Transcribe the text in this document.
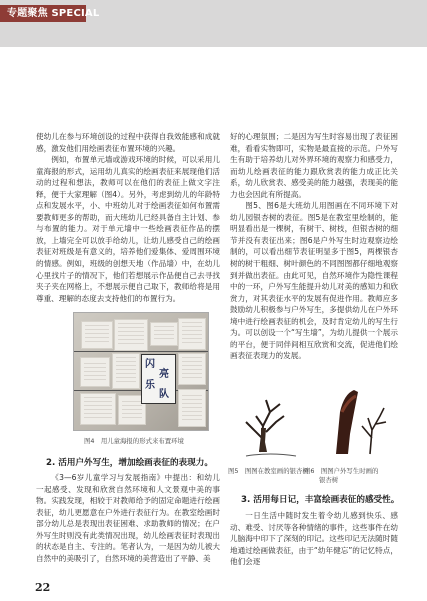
专题聚焦 SPECIAL

使幼儿在参与环境创设的过程中获得自我效能感和成就感，激发他们用绘画表征布置环境的兴趣。

例如，布置单元墙或游戏环境的时候，可以采用儿童海报的形式，运用幼儿真实的绘画表征来展现他们活动的过程和想法，教师可以在他们的表征上做文字注释，便于大家理解（图4）。另外，考虑到幼儿的年龄特点和发展水平，小、中班幼儿对于绘画表征如何布置需要教师更多的帮助，而大班幼儿已经具备自主计划、参与布置的能力。对于单元墙中一些绘画表征作品的摆放，上墙完全可以放手给幼儿，让幼儿感受自己的绘画表征对班级是有意义的，培养他们爱集体、爱周围环境的情感。例如，班级的创想天地（作品墙）中，在幼儿心里找片子的情况下，他们若想展示作品便自己去寻找夹子夹在网格上，不想展示便自己取下，教师给将是用尊重、理解的态度去支持他们的布置行为。

闪
亮
乐
队
图4　用儿童海报的形式来布置环境
2. 活用户外写生，增加绘画表征的表现力。

《3—6岁儿童学习与发展指南》中提出：和幼儿一起感受、发现和欣赏自然环境和人文景观中美的事物。实践发现，相较于对教师给予的固定命题进行绘画表征，幼儿更愿意在户外进行表征行为。在教室绘画时部分幼儿总是表现出表征困难、求助教师的情况；在户外写生时则没有此类情况出现，幼儿绘画表征时表现出的状态是自主、专注的。笔者认为，一是因为幼儿被大自然中的美吸引了，自然环境的美营造出了平静、美

好的心理氛围；二是因为写生时容易出现了表征困难，看看实物即可，实物是最直接的示范。户外写生有助于培养幼儿对外界环境的观察力和感受力，而幼儿绘画表征的能力跟欣赏表的能力成正比关系，幼儿欣赏表、感受美的能力越强，表现美的能力也会因此有所提高。

图5、图6是大班幼儿用图画在不同环境下对幼儿园银杏树的表征。图5是在教室里绘制的，能明显看出是一棵树，有树干、树枝，但银杏树的细节并没有表征出来；图6是户外写生时边观察边绘制的，可以看出细节表征明显多于图5，两棵银杏树的树干粗细、树叶颜色的不同图图都仔细地观察到并做出表征。由此可见，自然环境作为隐性课程中的一环，户外写生能提升幼儿对美的感知力和欣赏力，对其表征水平的发展有促进作用。教师应多鼓励幼儿积极参与户外写生，多提供幼儿在户外环境中进行绘画表征的机会，及时肯定幼儿的写生行为。可以创设一个“写生墙”，为幼儿提供一个展示的平台，便于同伴间相互欣赏和交流，促进他们绘画表征表现力的发展。

图5　图图在教室画的银杏树
图6　图图户外写生时画的
银杏树
3. 活用每日记，丰富绘画表征的感受性。

一日生活中随时发生着令幼儿感到快乐、感动、难受、讨厌等各种情绪的事件，这些事件在幼儿脑海中印下了深刻的印记。这些印记无法随时随地通过绘画做表征，由于“幼年健忘”的记忆特点，他们会逐

22
